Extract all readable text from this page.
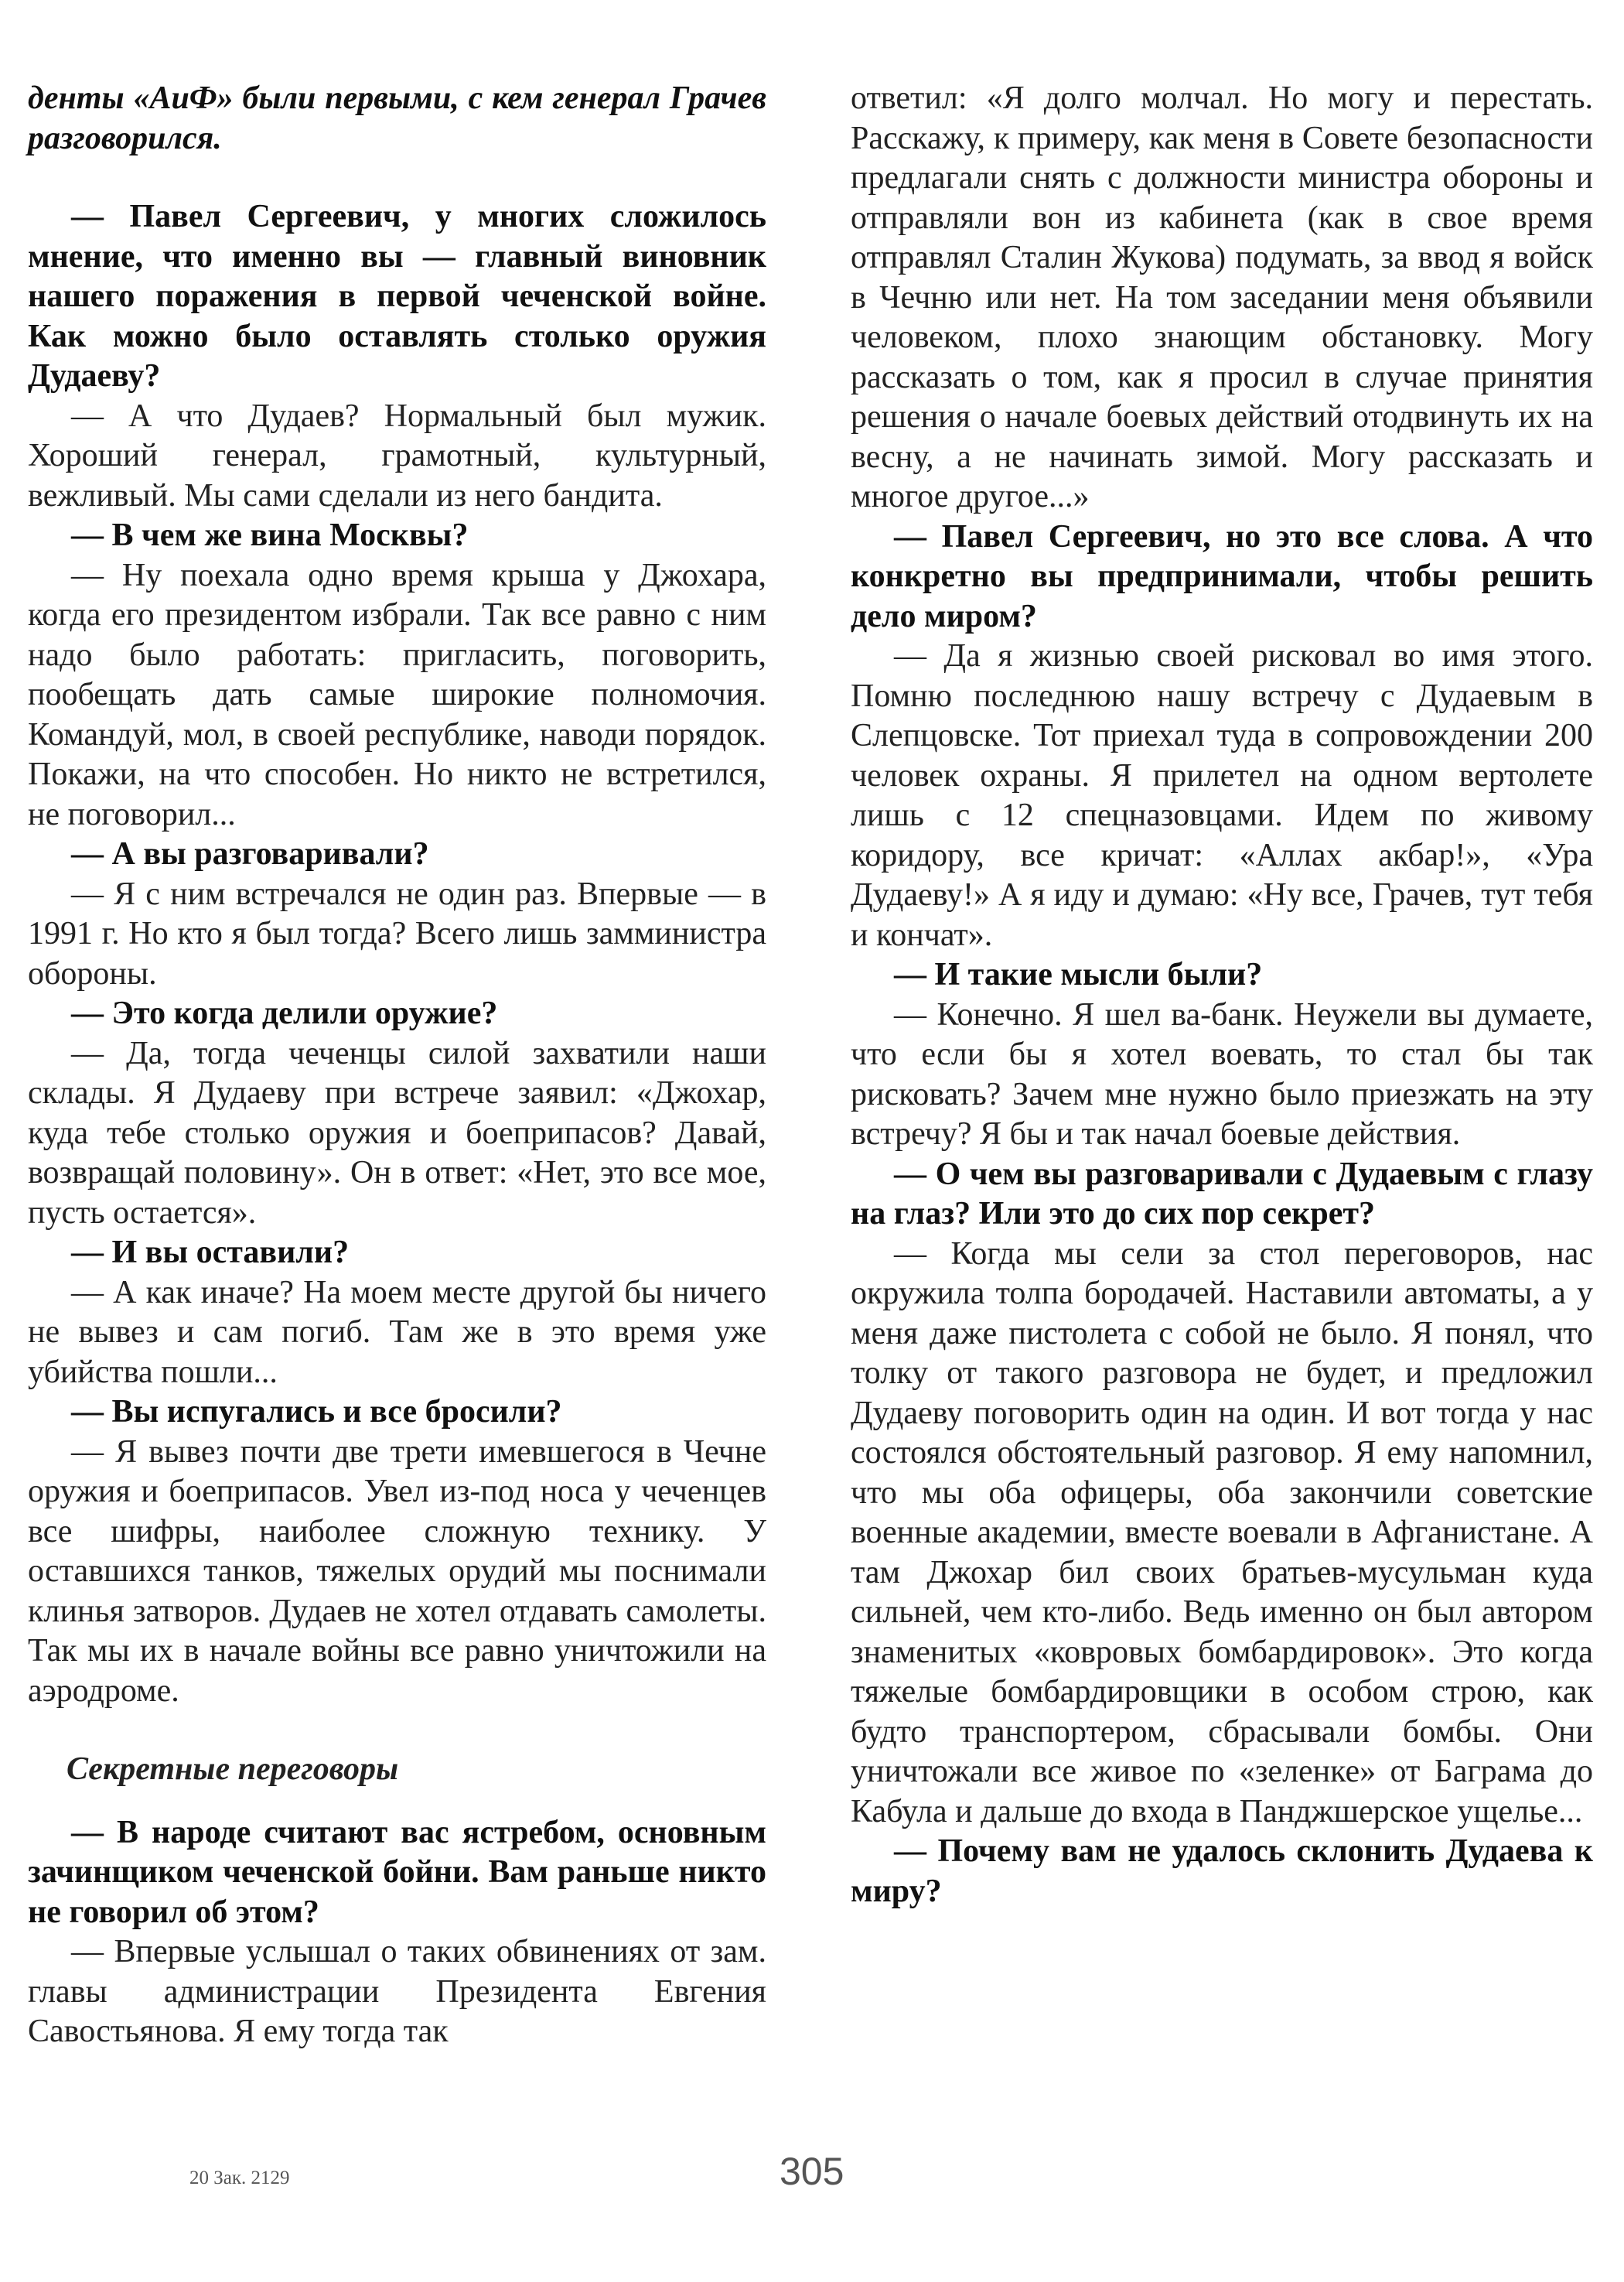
денты «АиФ» были первыми, с кем генерал Грачев разговорился.

— Павел Сергеевич, у многих сложилось мнение, что именно вы — главный виновник нашего поражения в первой чеченской войне. Как можно было оставлять столько оружия Дудаеву?

— А что Дудаев? Нормальный был мужик. Хороший генерал, грамотный, культурный, вежливый. Мы сами сделали из него бандита.

— В чем же вина Москвы?

— Ну поехала одно время крыша у Джохара, когда его президентом избрали. Так все равно с ним надо было работать: пригласить, поговорить, пообещать дать самые широкие полномочия. Командуй, мол, в своей республике, наводи порядок. Покажи, на что способен. Но никто не встретился, не поговорил...

— А вы разговаривали?

— Я с ним встречался не один раз. Впервые — в 1991 г. Но кто я был тогда? Всего лишь замминистра обороны.

— Это когда делили оружие?

— Да, тогда чеченцы силой захватили наши склады. Я Дудаеву при встрече заявил: «Джохар, куда тебе столько оружия и боеприпасов? Давай, возвращай половину». Он в ответ: «Нет, это все мое, пусть остается».

— И вы оставили?

— А как иначе? На моем месте другой бы ничего не вывез и сам погиб. Там же в это время уже убийства пошли...

— Вы испугались и все бросили?

— Я вывез почти две трети имевшегося в Чечне оружия и боеприпасов. Увел из-под носа у чеченцев все шифры, наиболее сложную технику. У оставшихся танков, тяжелых орудий мы поснимали клинья затворов. Дудаев не хотел отдавать самолеты. Так мы их в начале войны все равно уничтожили на аэродроме.

Секретные переговоры

— В народе считают вас ястребом, основным зачинщиком чеченской бойни. Вам раньше никто не говорил об этом?

— Впервые услышал о таких обвинениях от зам. главы администрации Президента Евгения Савостьянова. Я ему тогда так

ответил: «Я долго молчал. Но могу и перестать. Расскажу, к примеру, как меня в Совете безопасности предлагали снять с должности министра обороны и отправляли вон из кабинета (как в свое время отправлял Сталин Жукова) подумать, за ввод я войск в Чечню или нет. На том заседании меня объявили человеком, плохо знающим обстановку. Могу рассказать о том, как я просил в случае принятия решения о начале боевых действий отодвинуть их на весну, а не начинать зимой. Могу рассказать и многое другое...»

— Павел Сергеевич, но это все слова. А что конкретно вы предпринимали, чтобы решить дело миром?

— Да я жизнью своей рисковал во имя этого. Помню последнюю нашу встречу с Дудаевым в Слепцовске. Тот приехал туда в сопровождении 200 человек охраны. Я прилетел на одном вертолете лишь с 12 спецназовцами. Идем по живому коридору, все кричат: «Аллах акбар!», «Ура Дудаеву!» А я иду и думаю: «Ну все, Грачев, тут тебя и кончат».

— И такие мысли были?

— Конечно. Я шел ва-банк. Неужели вы думаете, что если бы я хотел воевать, то стал бы так рисковать? Зачем мне нужно было приезжать на эту встречу? Я бы и так начал боевые действия.

— О чем вы разговаривали с Дудаевым с глазу на глаз? Или это до сих пор секрет?

— Когда мы сели за стол переговоров, нас окружила толпа бородачей. Наставили автоматы, а у меня даже пистолета с собой не было. Я понял, что толку от такого разговора не будет, и предложил Дудаеву поговорить один на один. И вот тогда у нас состоялся обстоятельный разговор. Я ему напомнил, что мы оба офицеры, оба закончили советские военные академии, вместе воевали в Афганистане. А там Джохар бил своих братьев-мусульман куда сильней, чем кто-либо. Ведь именно он был автором знаменитых «ковровых бомбардировок». Это когда тяжелые бомбардировщики в особом строю, как будто транспортером, сбрасывали бомбы. Они уничтожали все живое по «зеленке» от Баграма до Кабула и дальше до входа в Панджшерское ущелье...

— Почему вам не удалось склонить Дудаева к миру?

20 Зак. 2129	305
